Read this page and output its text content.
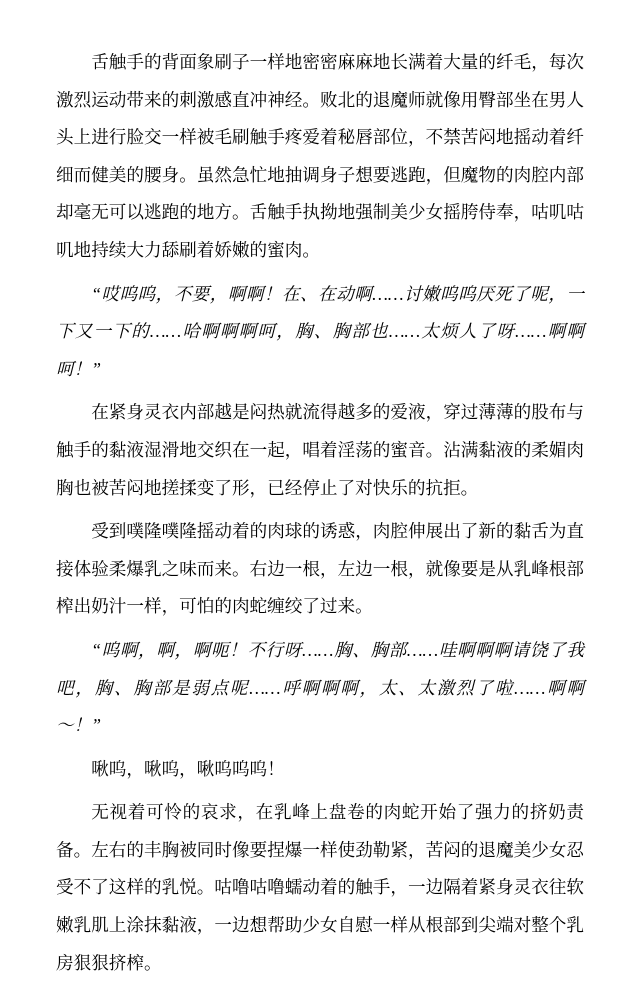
舌触手的背面象刷子一样地密密麻麻地长满着大量的纤毛，每次激烈运动带来的刺激感直冲神经。败北的退魔师就像用臀部坐在男人头上进行脸交一样被毛刷触手疼爱着秘唇部位，不禁苦闷地摇动着纤细而健美的腰身。虽然急忙地抽调身子想要逃跑，但魔物的肉腔内部却毫无可以逃跑的地方。舌触手执拗地强制美少女摇胯侍奉，咕叽咕叽地持续大力舔刷着娇嫩的蜜肉。

“哎呜呜，不要，啊啊！在、在动啊……讨嫩呜呜厌死了呢，一下又一下的……哈啊啊啊呵，胸、胸部也……太烦人了呀……啊啊呵！”

在紧身灵衣内部越是闷热就流得越多的爱液，穿过薄薄的股布与触手的黏液湿滑地交织在一起，唱着淫荡的蜜音。沾满黏液的柔媚肉胸也被苦闷地搓揉变了形，已经停止了对快乐的抗拒。

受到噗隆噗隆摇动着的肉球的诱惑，肉腔伸展出了新的黏舌为直接体验柔爆乳之味而来。右边一根，左边一根，就像要是从乳峰根部榨出奶汁一样，可怕的肉蛇缠绞了过来。

“呜啊，啊，啊呃！不行呀……胸、胸部……哇啊啊啊请饶了我吧，胸、胸部是弱点呢……呼啊啊啊，太、太激烈了啦……啊啊～！”

啾呜，啾呜，啾呜呜呜！

无视着可怜的哀求，在乳峰上盘卷的肉蛇开始了强力的挤奶责备。左右的丰胸被同时像要捏爆一样使劲勒紧，苦闷的退魔美少女忍受不了这样的乳悦。咕噜咕噜蠕动着的触手，一边隔着紧身灵衣往软嫩乳肌上涂抹黏液，一边想帮助少女自慰一样从根部到尖端对整个乳房狠狠挤榨。
